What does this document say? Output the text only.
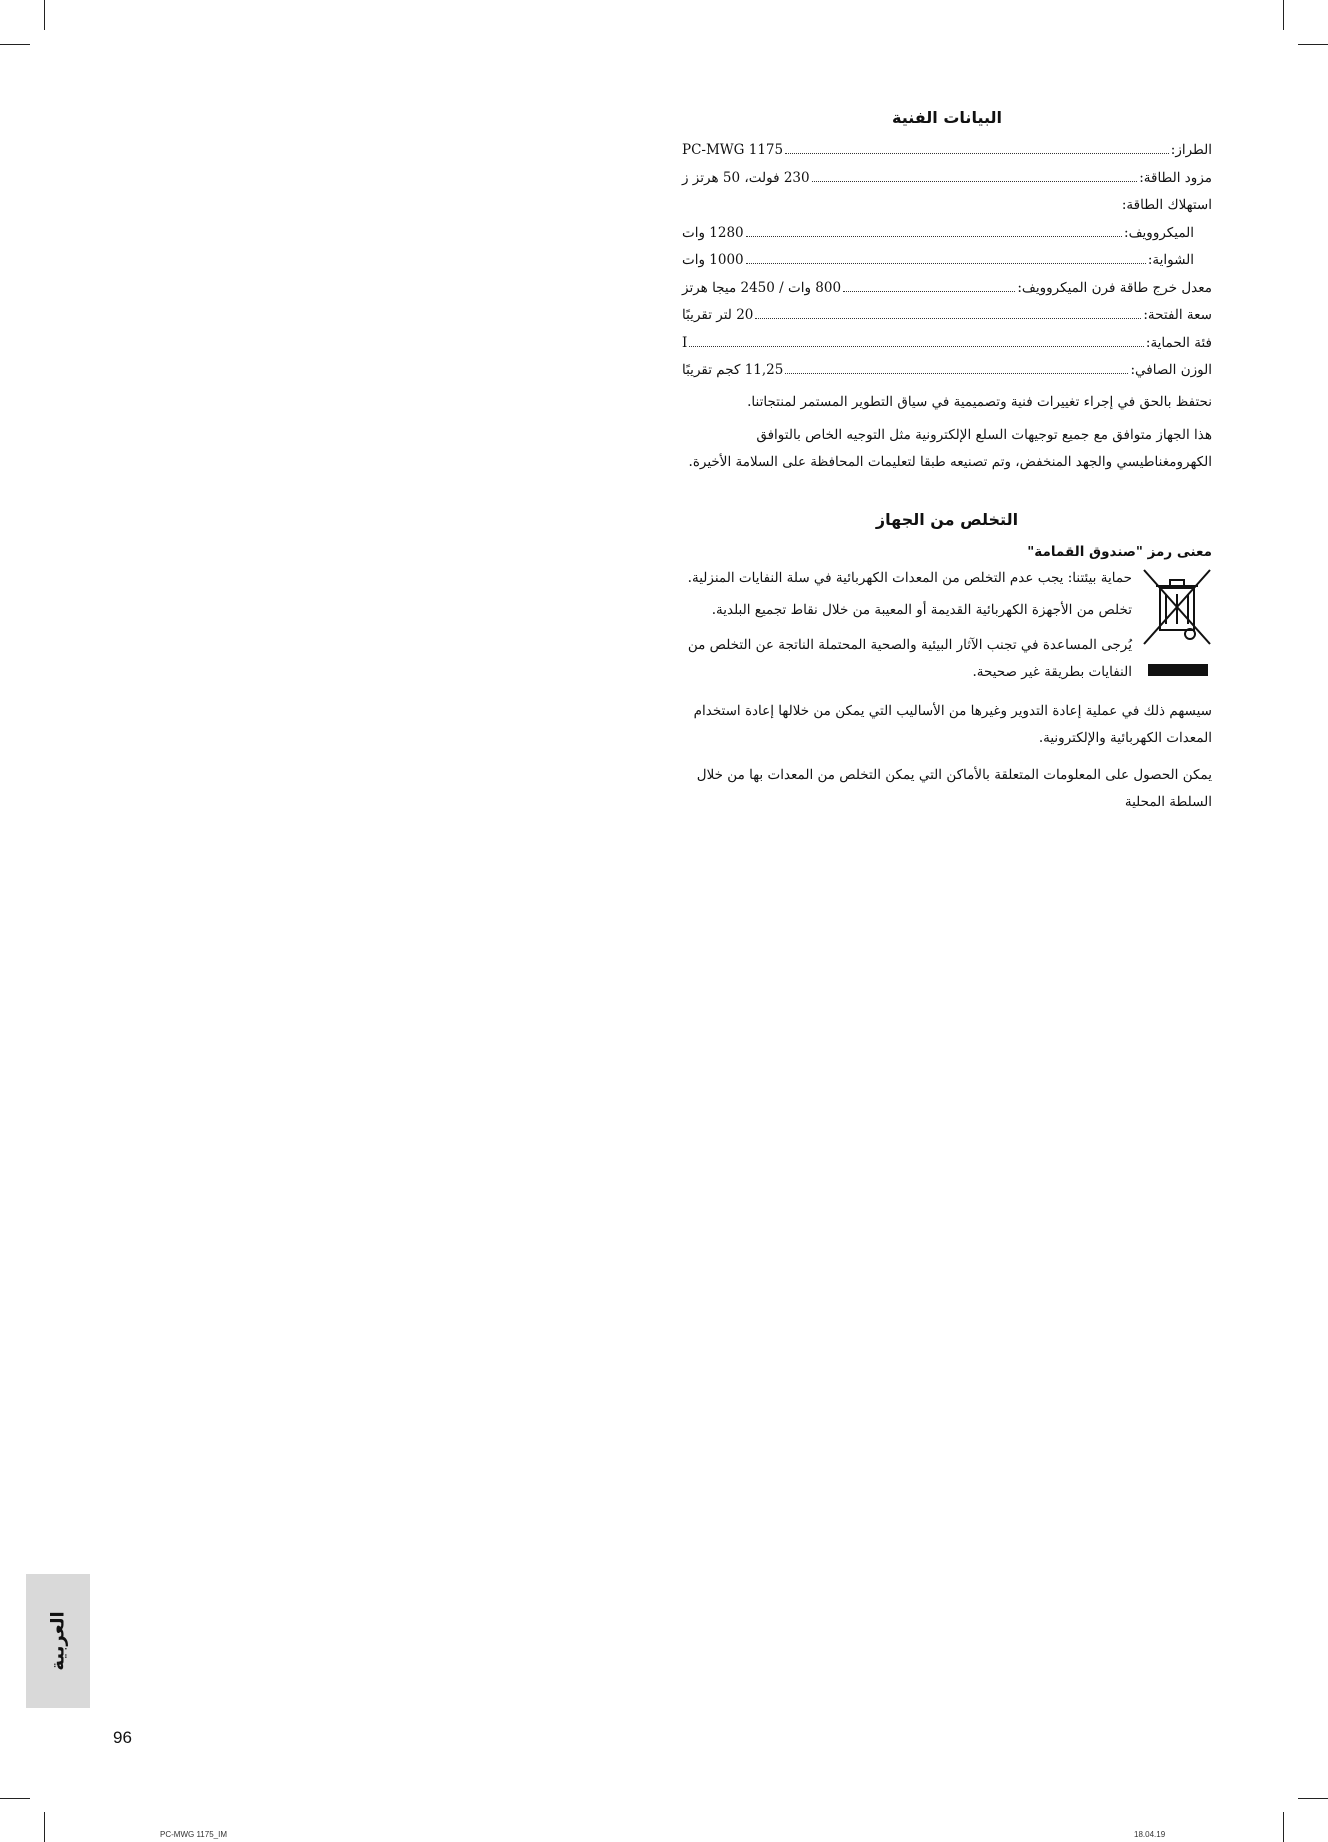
البيانات الفنية
الطراز:
PC-MWG 1175
مزود الطاقة:
230 فولت، 50 هرتز ز
استهلاك الطاقة:
الميكروويف:
1280 وات
الشواية:
1000 وات
معدل خرج طاقة فرن الميكروويف:
800 وات / 2450 ميجا هرتز
سعة الفتحة:
20 لتر تقريبًا
فئة الحماية:
I
الوزن الصافي:
11,25 كجم تقريبًا

نحتفظ بالحق في إجراء تغييرات فنية وتصميمية في سياق التطوير المستمر لمنتجاتنا.

هذا الجهاز متوافق مع جميع توجيهات السلع الإلكترونية مثل التوجيه الخاص بالتوافق الكهرومغناطيسي والجهد المنخفض، وتم تصنيعه طبقا لتعليمات المحافظة على السلامة الأخيرة.

التخلص من الجهاز
معنى رمز "صندوق القمامة"

حماية بيئتنا: يجب عدم التخلص من المعدات الكهربائية في سلة النفايات المنزلية.

تخلص من الأجهزة الكهربائية القديمة أو المعيبة من خلال نقاط تجميع البلدية.

يُرجى المساعدة في تجنب الآثار البيئية والصحية المحتملة الناتجة عن التخلص من النفايات بطريقة غير صحيحة.

سيسهم ذلك في عملية إعادة التدوير وغيرها من الأساليب التي يمكن من خلالها إعادة استخدام المعدات الكهربائية والإلكترونية.

يمكن الحصول على المعلومات المتعلقة بالأماكن التي يمكن التخلص من المعدات بها من خلال السلطة المحلية

العربية
96
PC-MWG 1175_IM	18.04.19
